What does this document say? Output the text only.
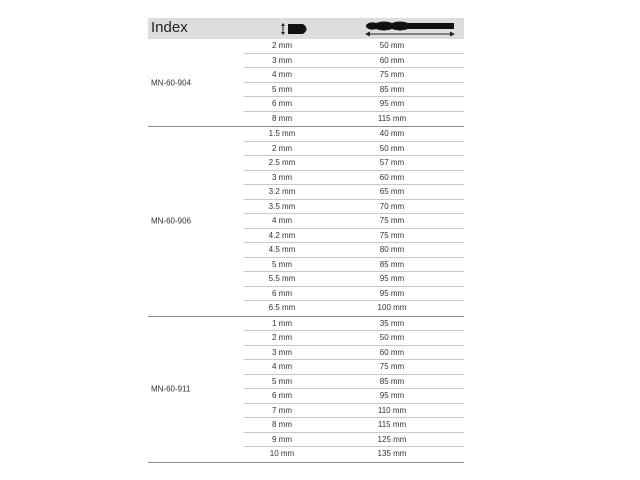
Index
MN-60-904
2 mm	50 mm
3 mm	60 mm
4 mm	75 mm
5 mm	85 mm
6 mm	95 mm
8 mm	115 mm
MN-60-906
1.5 mm	40 mm
2 mm	50 mm
2.5 mm	57 mm
3 mm	60 mm
3.2 mm	65 mm
3.5 mm	70 mm
4 mm	75 mm
4.2 mm	75 mm
4.5 mm	80 mm
5 mm	85 mm
5.5 mm	95 mm
6 mm	95 mm
6.5 mm	100 mm
MN-60-911
1 mm	35 mm
2 mm	50 mm
3 mm	60 mm
4 mm	75 mm
5 mm	85 mm
6 mm	95 mm
7 mm	110 mm
8 mm	115 mm
9 mm	125 mm
10 mm	135 mm
